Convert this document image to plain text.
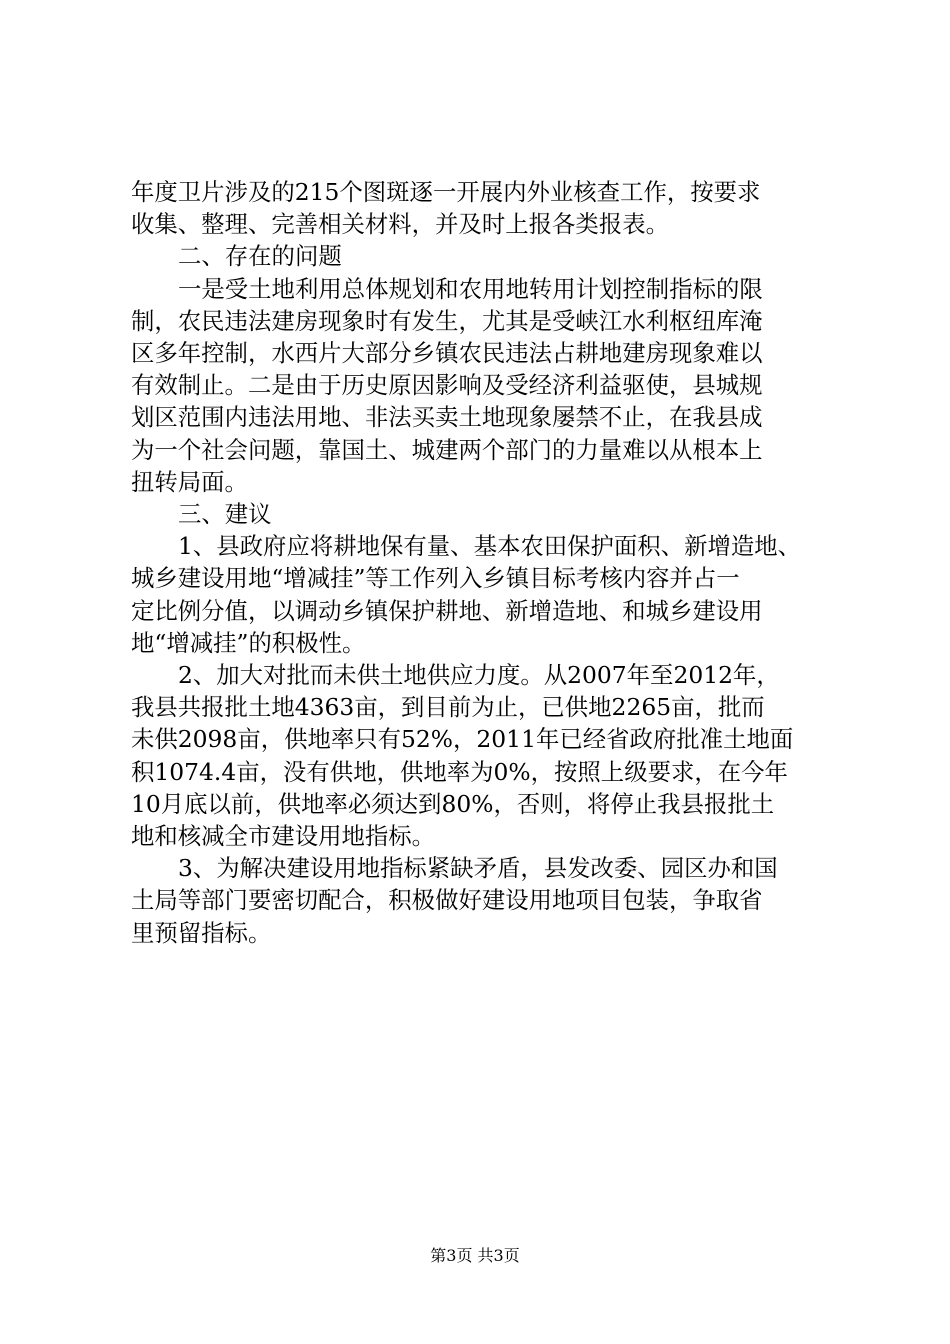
年度卫片涉及的215个图斑逐一开展内外业核查工作，按要求

收集、整理、完善相关材料，并及时上报各类报表。

二、存在的问题

一是受土地利用总体规划和农用地转用计划控制指标的限

制，农民违法建房现象时有发生，尤其是受峡江水利枢纽库淹

区多年控制，水西片大部分乡镇农民违法占耕地建房现象难以

有效制止。二是由于历史原因影响及受经济利益驱使，县城规

划区范围内违法用地、非法买卖土地现象屡禁不止，在我县成

为一个社会问题，靠国土、城建两个部门的力量难以从根本上

扭转局面。

三、建议

1、县政府应将耕地保有量、基本农田保护面积、新增造地、

城乡建设用地“增减挂”等工作列入乡镇目标考核内容并占一

定比例分值，以调动乡镇保护耕地、新增造地、和城乡建设用

地“增减挂”的积极性。

2、加大对批而未供土地供应力度。从2007年至2012年，

我县共报批土地4363亩，到目前为止，已供地2265亩，批而

未供2098亩，供地率只有52%，2011年已经省政府批准土地面

积1074.4亩，没有供地，供地率为0%，按照上级要求，在今年

10月底以前，供地率必须达到80%，否则，将停止我县报批土

地和核减全市建设用地指标。

3、为解决建设用地指标紧缺矛盾，县发改委、园区办和国

土局等部门要密切配合，积极做好建设用地项目包装，争取省

里预留指标。

第3页 共3页
